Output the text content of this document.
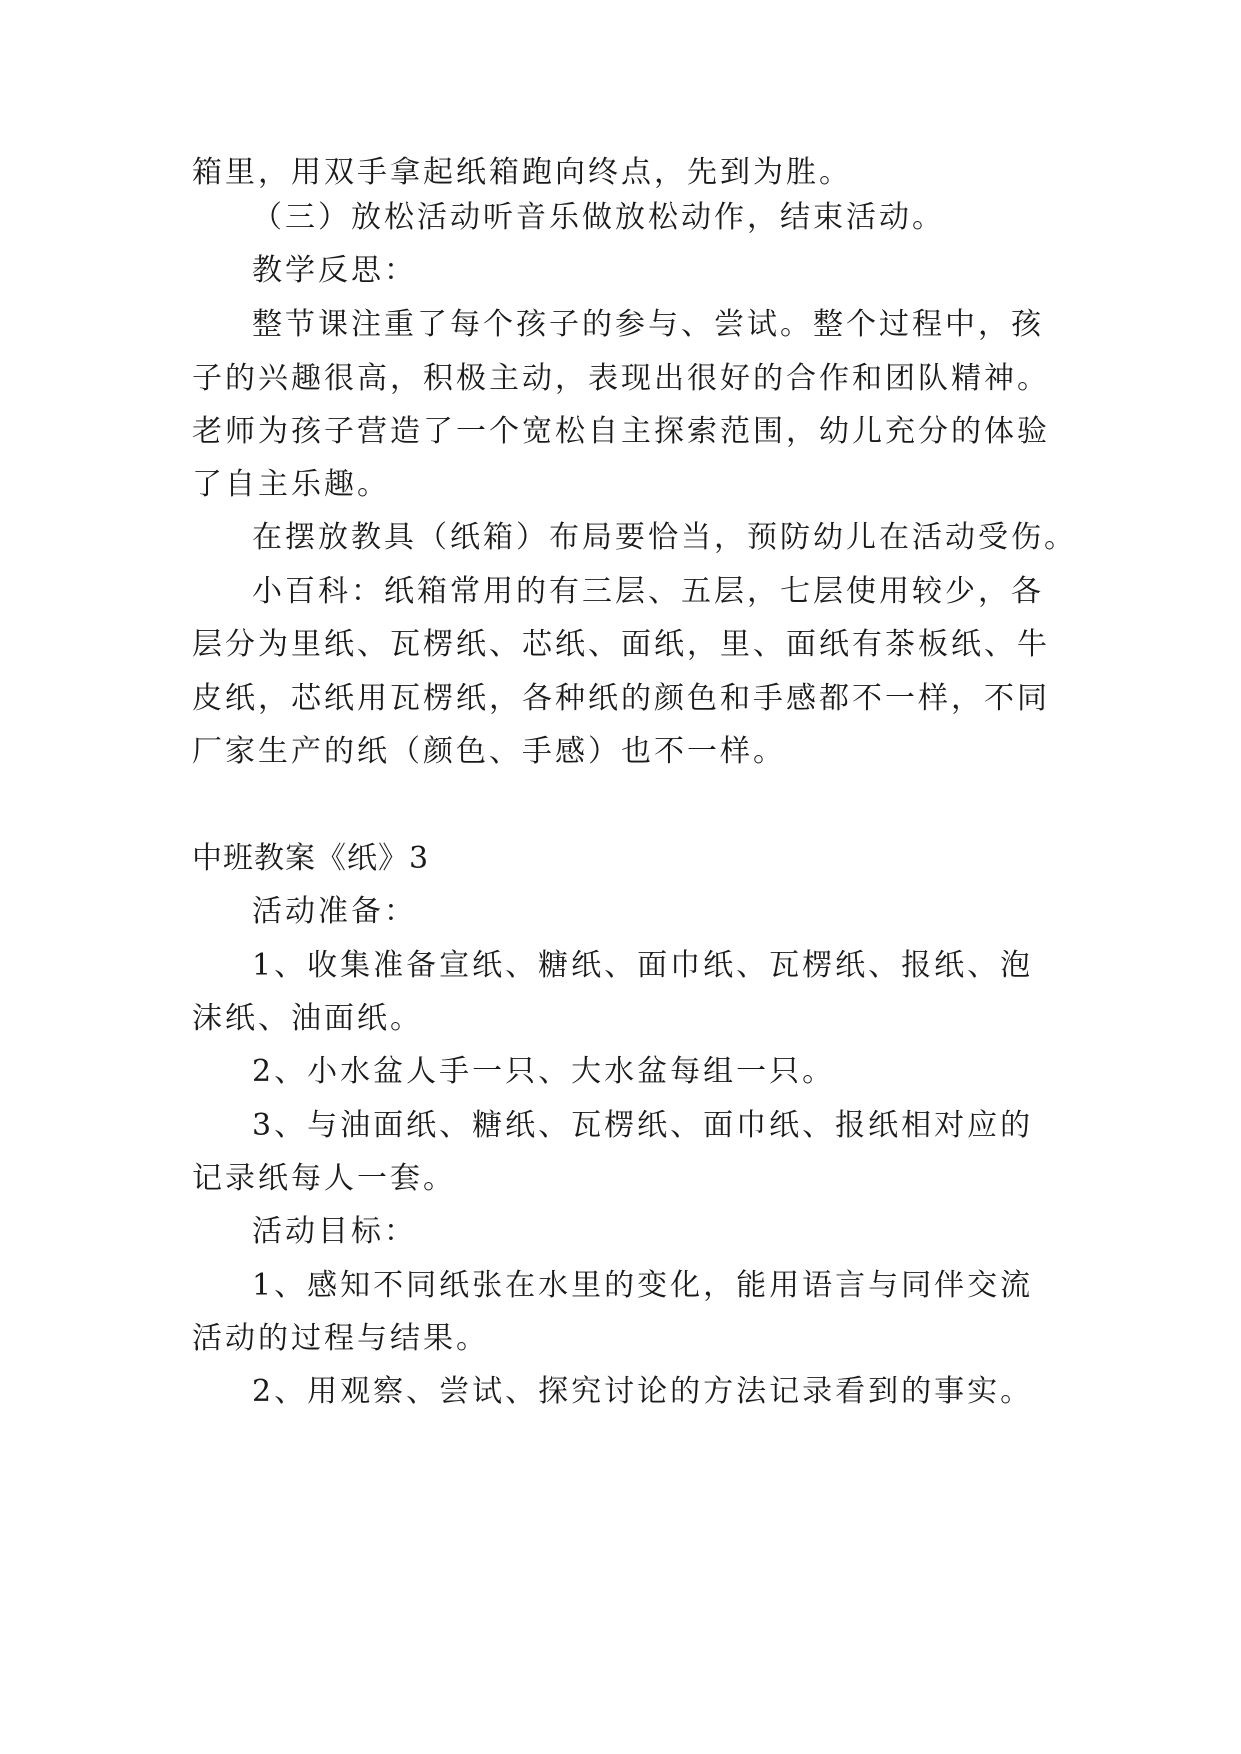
箱里，用双手拿起纸箱跑向终点，先到为胜。
（三）放松活动听音乐做放松动作，结束活动。
教学反思：
整节课注重了每个孩子的参与、尝试。整个过程中，孩
子的兴趣很高，积极主动，表现出很好的合作和团队精神。
老师为孩子营造了一个宽松自主探索范围，幼儿充分的体验
了自主乐趣。
在摆放教具（纸箱）布局要恰当，预防幼儿在活动受伤。
小百科：纸箱常用的有三层、五层，七层使用较少，各
层分为里纸、瓦楞纸、芯纸、面纸，里、面纸有茶板纸、牛
皮纸，芯纸用瓦楞纸，各种纸的颜色和手感都不一样，不同
厂家生产的纸（颜色、手感）也不一样。
中班教案《纸》3
活动准备：
1、收集准备宣纸、糖纸、面巾纸、瓦楞纸、报纸、泡
沫纸、油面纸。
2、小水盆人手一只、大水盆每组一只。
3、与油面纸、糖纸、瓦楞纸、面巾纸、报纸相对应的
记录纸每人一套。
活动目标：
1、感知不同纸张在水里的变化，能用语言与同伴交流
活动的过程与结果。
2、用观察、尝试、探究讨论的方法记录看到的事实。
